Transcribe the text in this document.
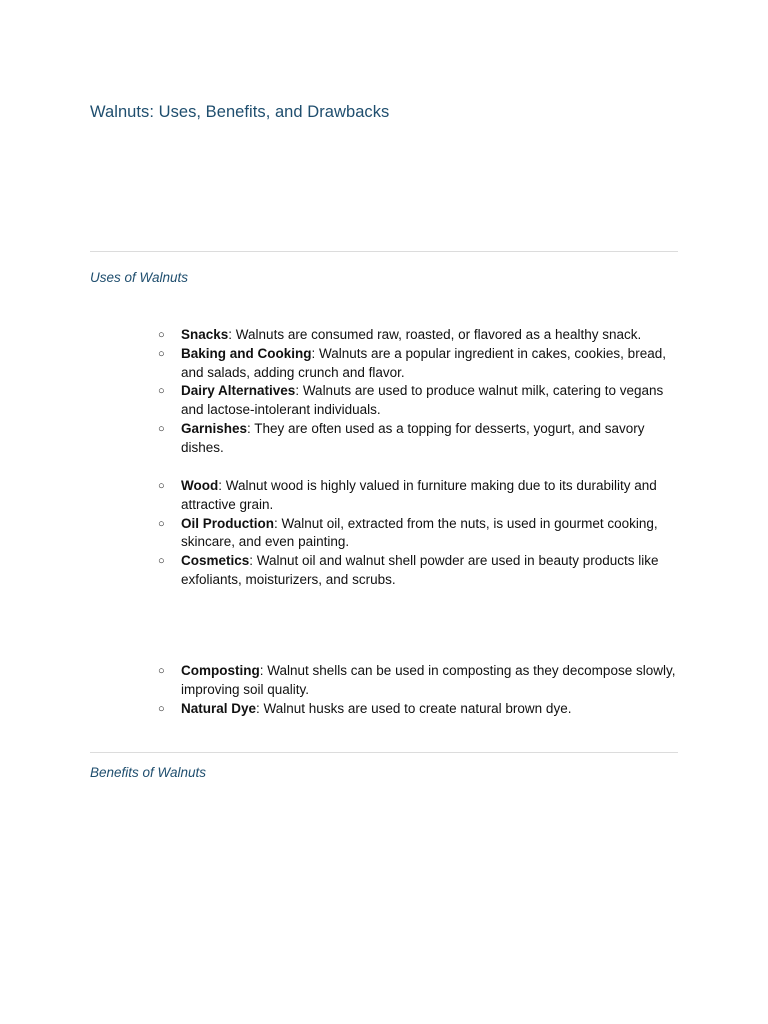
Walnuts: Uses, Benefits, and Drawbacks
Uses of Walnuts
○ Snacks: Walnuts are consumed raw, roasted, or flavored as a healthy snack.
○ Baking and Cooking: Walnuts are a popular ingredient in cakes, cookies, bread, and salads, adding crunch and flavor.
○ Dairy Alternatives: Walnuts are used to produce walnut milk, catering to vegans and lactose-intolerant individuals.
○ Garnishes: They are often used as a topping for desserts, yogurt, and savory dishes.
○ Wood: Walnut wood is highly valued in furniture making due to its durability and attractive grain.
○ Oil Production: Walnut oil, extracted from the nuts, is used in gourmet cooking, skincare, and even painting.
○ Cosmetics: Walnut oil and walnut shell powder are used in beauty products like exfoliants, moisturizers, and scrubs.
○ Composting: Walnut shells can be used in composting as they decompose slowly, improving soil quality.
○ Natural Dye: Walnut husks are used to create natural brown dye.
Benefits of Walnuts
